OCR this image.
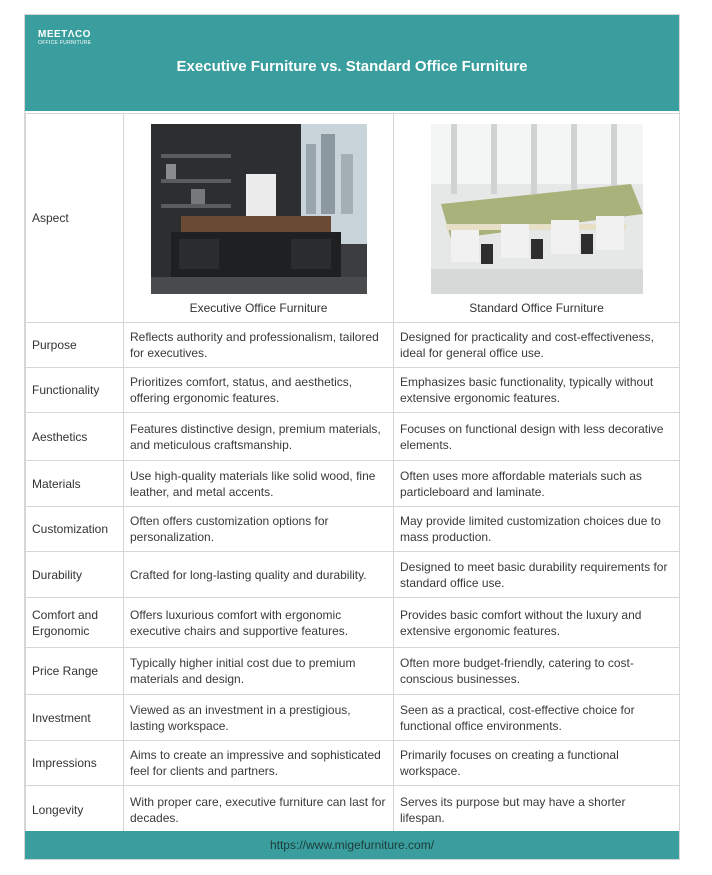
MEETΛCO
OFFICE FURNITURE
Executive Furniture vs. Standard Office Furniture
Aspect	Executive Office Furniture	Standard Office Furniture

Purpose	Reflects authority and professionalism, tailored for executives.	Designed for practicality and cost-effectiveness, ideal for general office use.
Functionality	Prioritizes comfort, status, and aesthetics, offering ergonomic features.	Emphasizes basic functionality, typically without extensive ergonomic features.
Aesthetics	Features distinctive design, premium materials, and meticulous craftsmanship.	Focuses on functional design with less decorative elements.
Materials	Use high-quality materials like solid wood, fine leather, and metal accents.	Often uses more affordable materials such as particleboard and laminate.
Customization	Often offers customization options for personalization.	May provide limited customization choices due to mass production.
Durability	Crafted for long-lasting quality and durability.	Designed to meet basic durability requirements for standard office use.
Comfort and Ergonomic	Offers luxurious comfort with ergonomic executive chairs and supportive features.	Provides basic comfort without the luxury and extensive ergonomic features.
Price Range	Typically higher initial cost due to premium materials and design.	Often more budget-friendly, catering to cost-conscious businesses.
Investment	Viewed as an investment in a prestigious, lasting workspace.	Seen as a practical, cost-effective choice for functional office environments.
Impressions	Aims to create an impressive and sophisticated feel for clients and partners.	Primarily focuses on creating a functional workspace.
Longevity	With proper care, executive furniture can last for decades.	Serves its purpose but may have a shorter lifespan.
https://www.migefurniture.com/
